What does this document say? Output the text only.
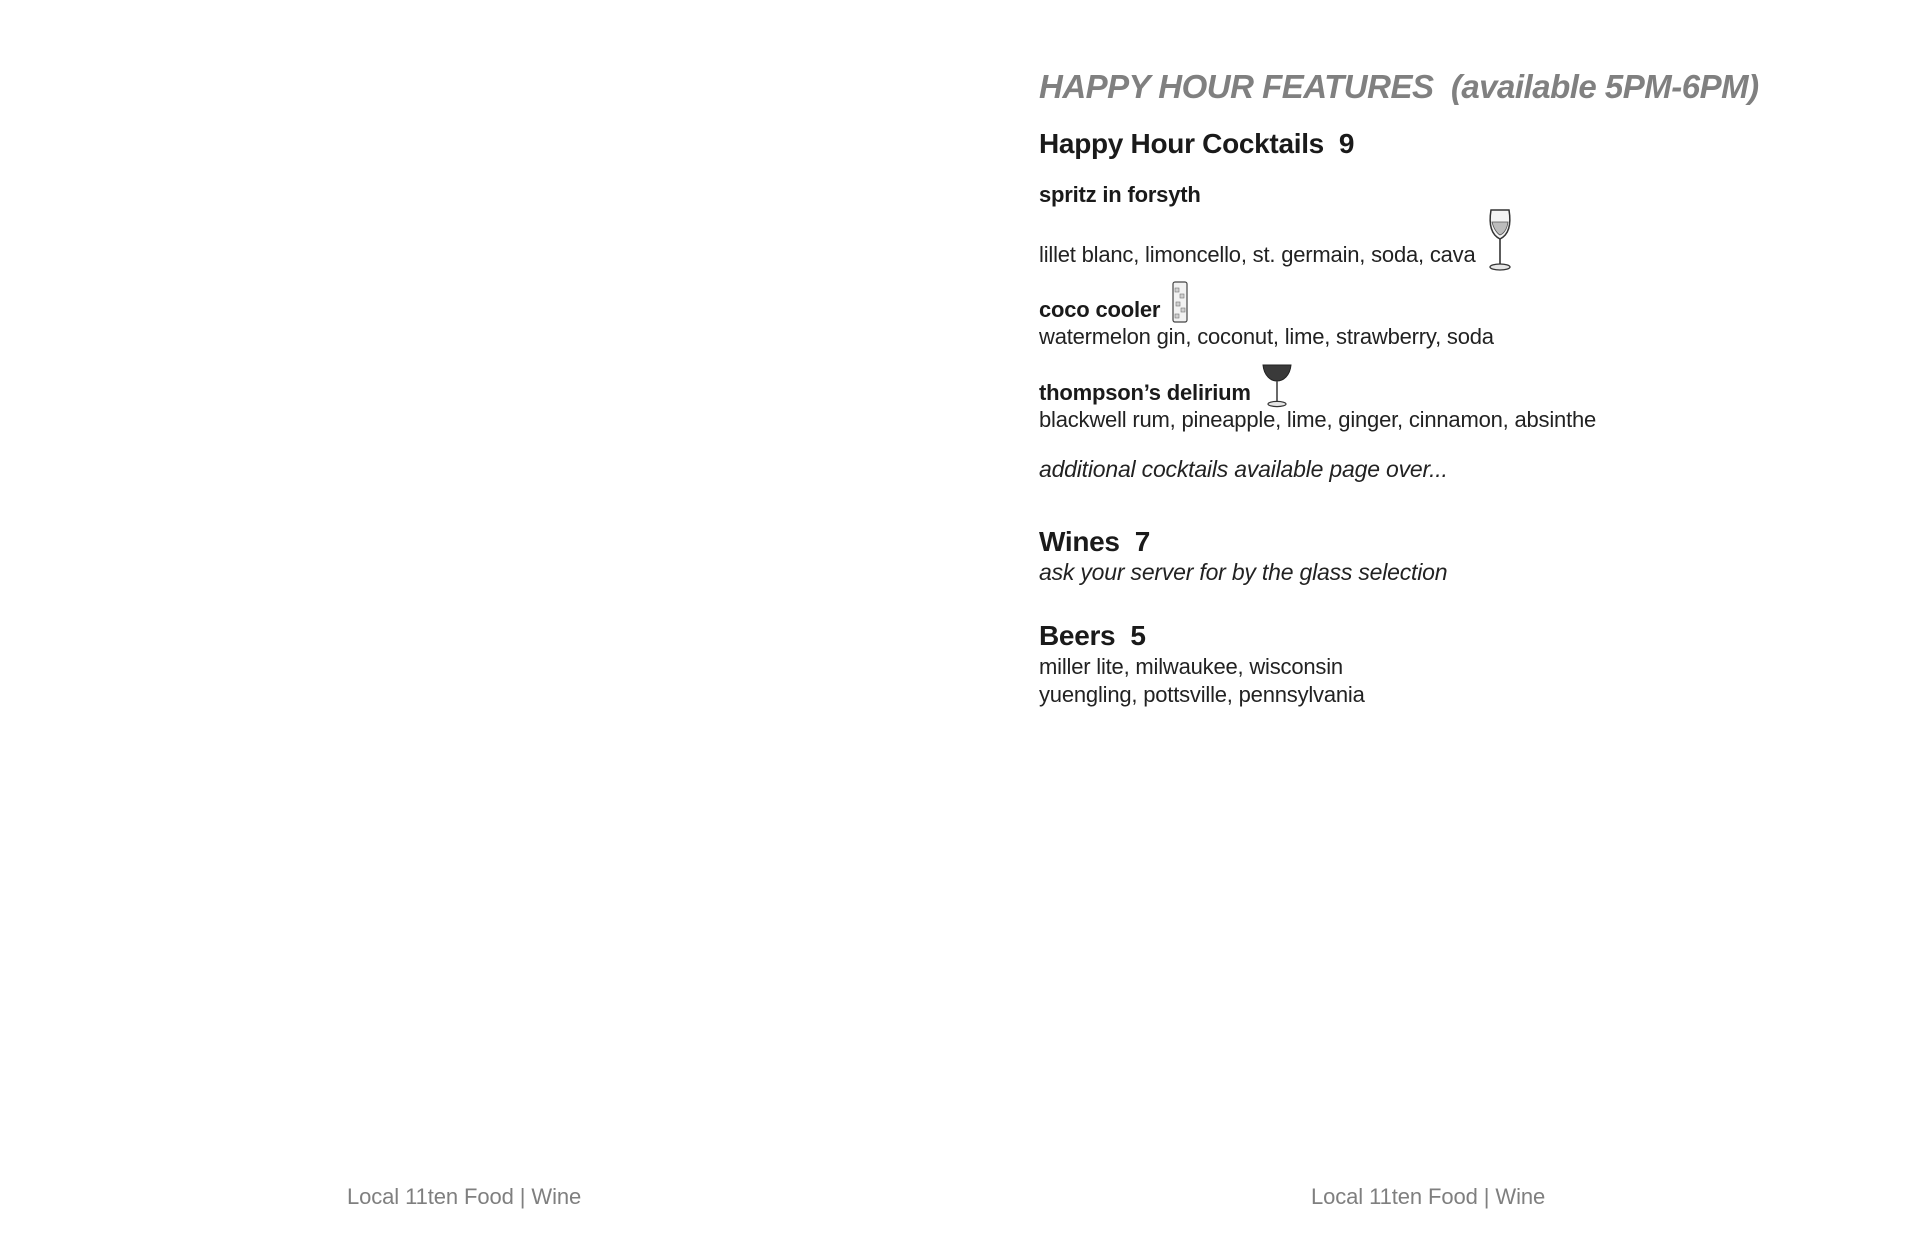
HAPPY HOUR FEATURES (available 5PM-6PM)
Happy Hour Cocktails 9
spritz in forsyth
lillet blanc, limoncello, st. germain, soda, cava
coco cooler
watermelon gin, coconut, lime, strawberry, soda
thompson’s delirium
blackwell rum, pineapple, lime, ginger, cinnamon, absinthe
additional cocktails available page over...
Wines 7
ask your server for by the glass selection
Beers 5
miller lite, milwaukee, wisconsin
yuengling, pottsville, pennsylvania
Local 11ten Food | Wine	Local 11ten Food | Wine
